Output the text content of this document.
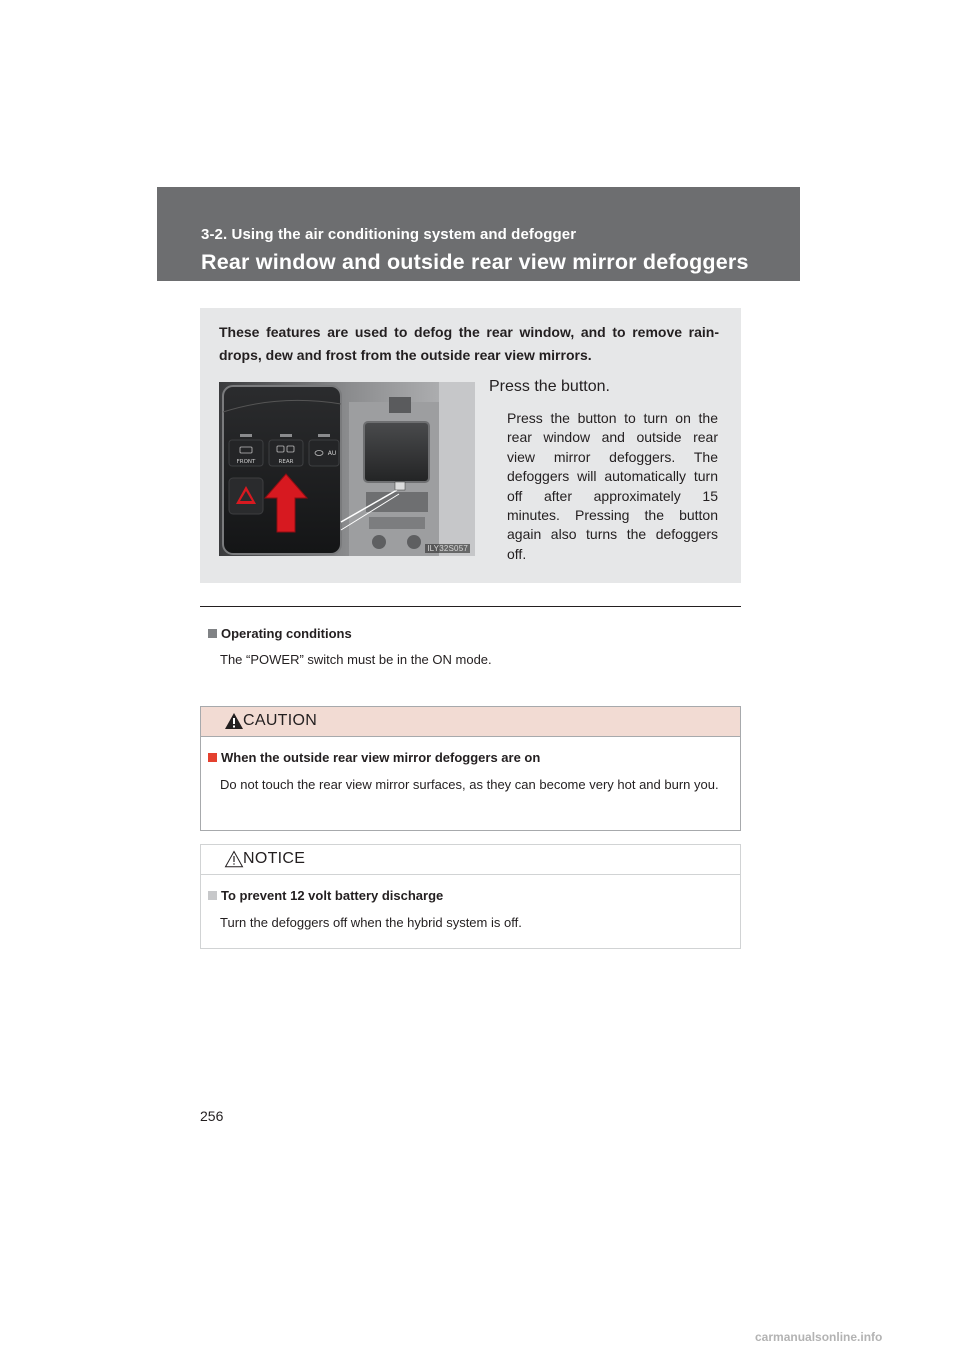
3-2. Using the air conditioning system and defogger
Rear window and outside rear view mirror defoggers
These features are used to defog the rear window, and to remove rain-drops, dew and frost from the outside rear view mirrors.
FRONT	REAR
AU
ILY32S057
Press the button.
Press the button to turn on the rear window and outside rear view mirror defoggers. The defoggers will automatically turn off after approximately 15 minutes. Pressing the button again also turns the defoggers off.
Operating conditions
The “POWER” switch must be in the ON mode.
CAUTION
When the outside rear view mirror defoggers are on
Do not touch the rear view mirror surfaces, as they can become very hot and burn you.
NOTICE
To prevent 12 volt battery discharge
Turn the defoggers off when the hybrid system is off.
256
carmanualsonline.info
